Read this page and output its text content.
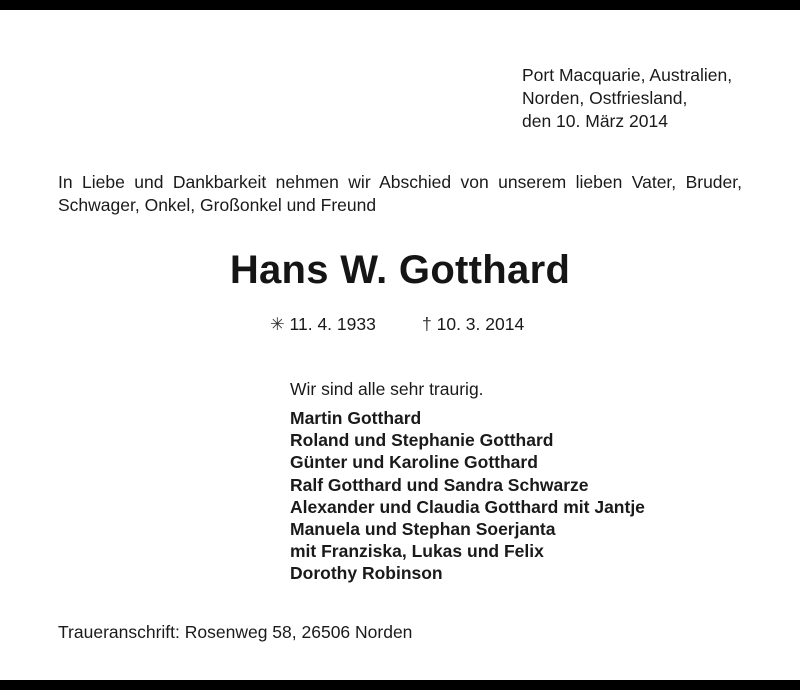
Port Macquarie, Australien,
Norden, Ostfriesland,
den 10. März 2014
In Liebe und Dankbarkeit nehmen wir Abschied von unserem lieben Vater, Bruder,
Schwager, Onkel, Großonkel und Freund
Hans W. Gotthard
✳ 11. 4. 1933	† 10. 3. 2014
Wir sind alle sehr traurig.
Martin Gotthard
Roland und Stephanie Gotthard
Günter und Karoline Gotthard
Ralf Gotthard und Sandra Schwarze
Alexander und Claudia Gotthard mit Jantje
Manuela und Stephan Soerjanta
mit Franziska, Lukas und Felix
Dorothy Robinson
Traueranschrift: Rosenweg 58, 26506 Norden
